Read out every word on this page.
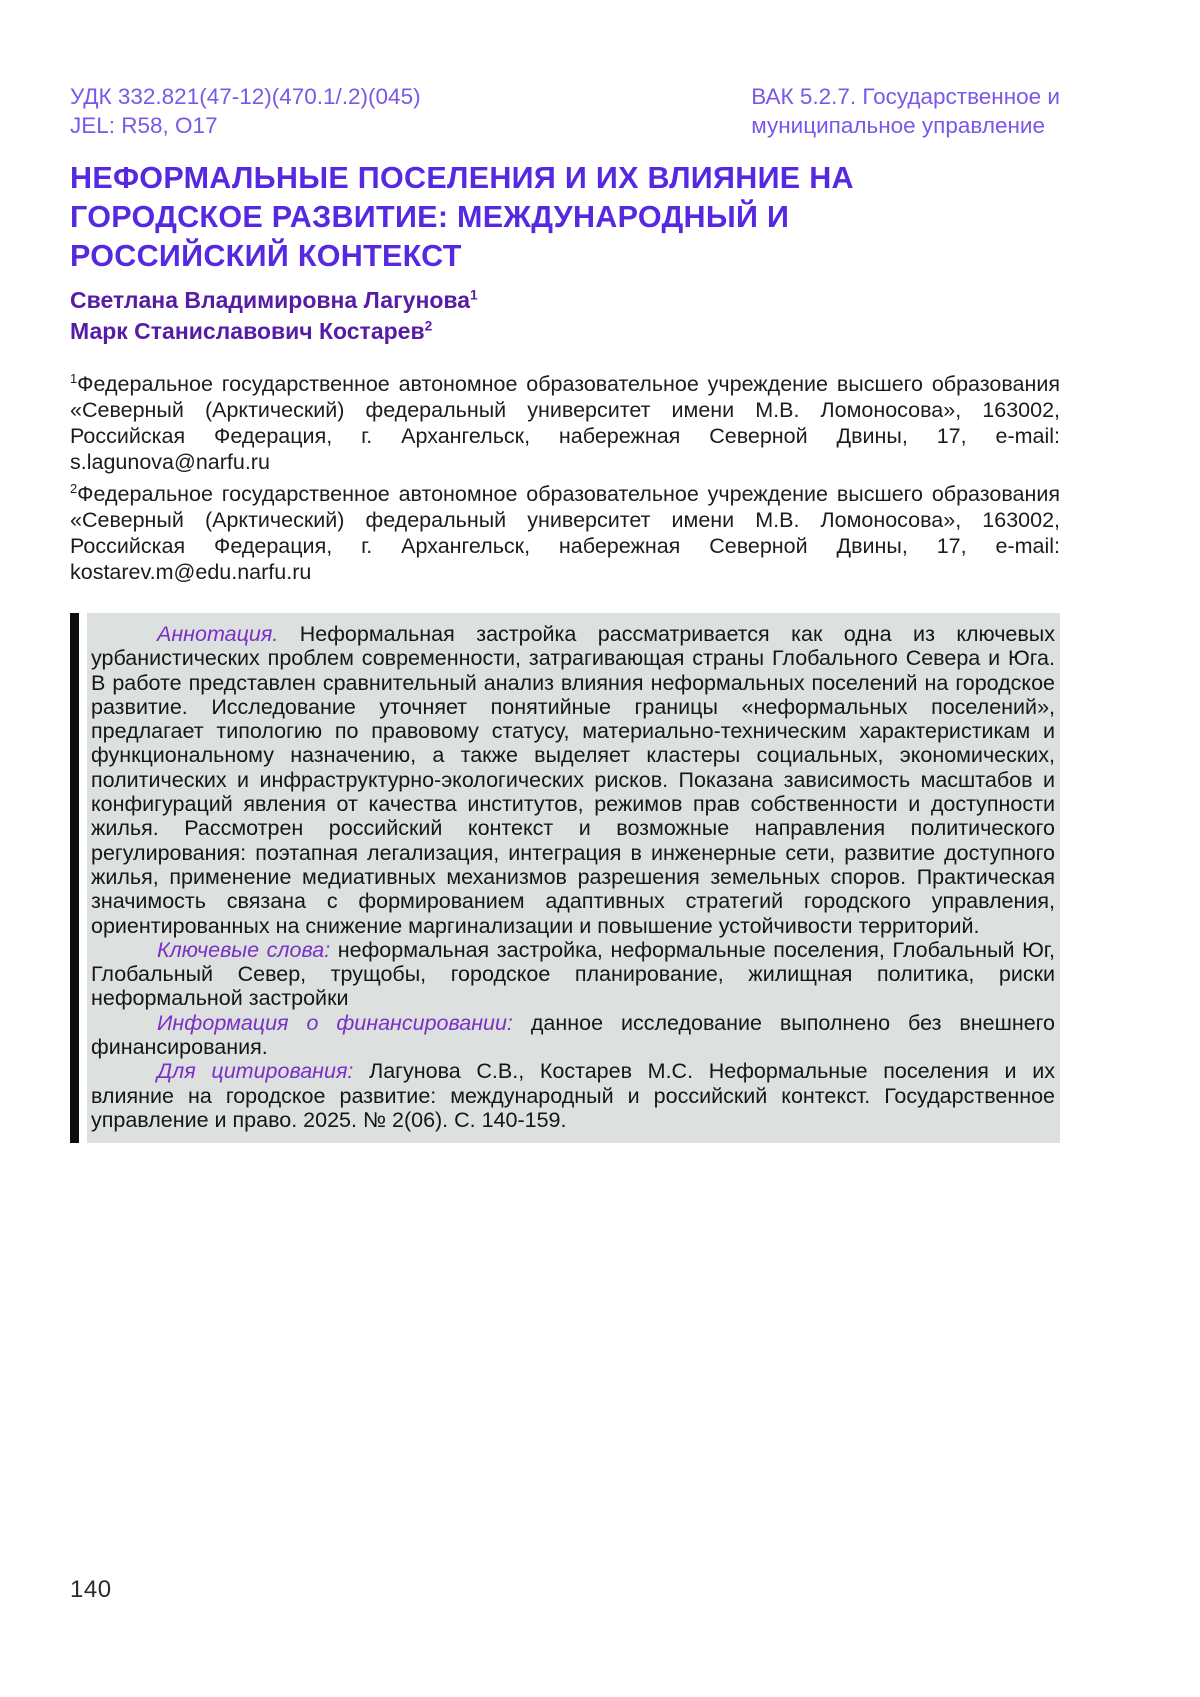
УДК 332.821(47-12)(470.1/.2)(045)
JEL: R58, O17
ВАК 5.2.7. Государственное и
муниципальное управление
НЕФОРМАЛЬНЫЕ ПОСЕЛЕНИЯ И ИХ ВЛИЯНИЕ НА
ГОРОДСКОЕ РАЗВИТИЕ: МЕЖДУНАРОДНЫЙ И
РОССИЙСКИЙ КОНТЕКСТ
Светлана Владимировна Лагунова$^1$
Марк Станиславович Костарев$^2$

$^1$Федеральное государственное автономное образовательное учреждение высшего образования «Северный (Арктический) федеральный университет имени М.В. Ломоносова», 163002, Российская Федерация, г. Архангельск, набережная Северной Двины, 17, e-mail: s.lagunova@narfu.ru

$^2$Федеральное государственное автономное образовательное учреждение высшего образования «Северный (Арктический) федеральный университет имени М.В. Ломоносова», 163002, Российская Федерация, г. Архангельск, набережная Северной Двины, 17, e-mail: kostarev.m@edu.narfu.ru

Аннотация. Неформальная застройка рассматривается как одна из ключевых урбанистических проблем современности, затрагивающая страны Глобального Севера и Юга. В работе представлен сравнительный анализ влияния неформальных поселений на городское развитие. Исследование уточняет понятийные границы «неформальных поселений», предлагает типологию по правовому статусу, материально-техническим характеристикам и функциональному назначению, а также выделяет кластеры социальных, экономических, политических и инфраструктурно-экологических рисков. Показана зависимость масштабов и конфигураций явления от качества институтов, режимов прав собственности и доступности жилья. Рассмотрен российский контекст и возможные направления политического регулирования: поэтапная легализация, интеграция в инженерные сети, развитие доступного жилья, применение медиативных механизмов разрешения земельных споров. Практическая значимость связана с формированием адаптивных стратегий городского управления, ориентированных на снижение маргинализации и повышение устойчивости территорий.

Ключевые слова: неформальная застройка, неформальные поселения, Глобальный Юг, Глобальный Север, трущобы, городское планирование, жилищная политика, риски неформальной застройки

Информация о финансировании: данное исследование выполнено без внешнего финансирования.

Для цитирования: Лагунова С.В., Костарев М.С. Неформальные поселения и их влияние на городское развитие: международный и российский контекст. Государственное управление и право. 2025. № 2(06). С. 140-159.

140
